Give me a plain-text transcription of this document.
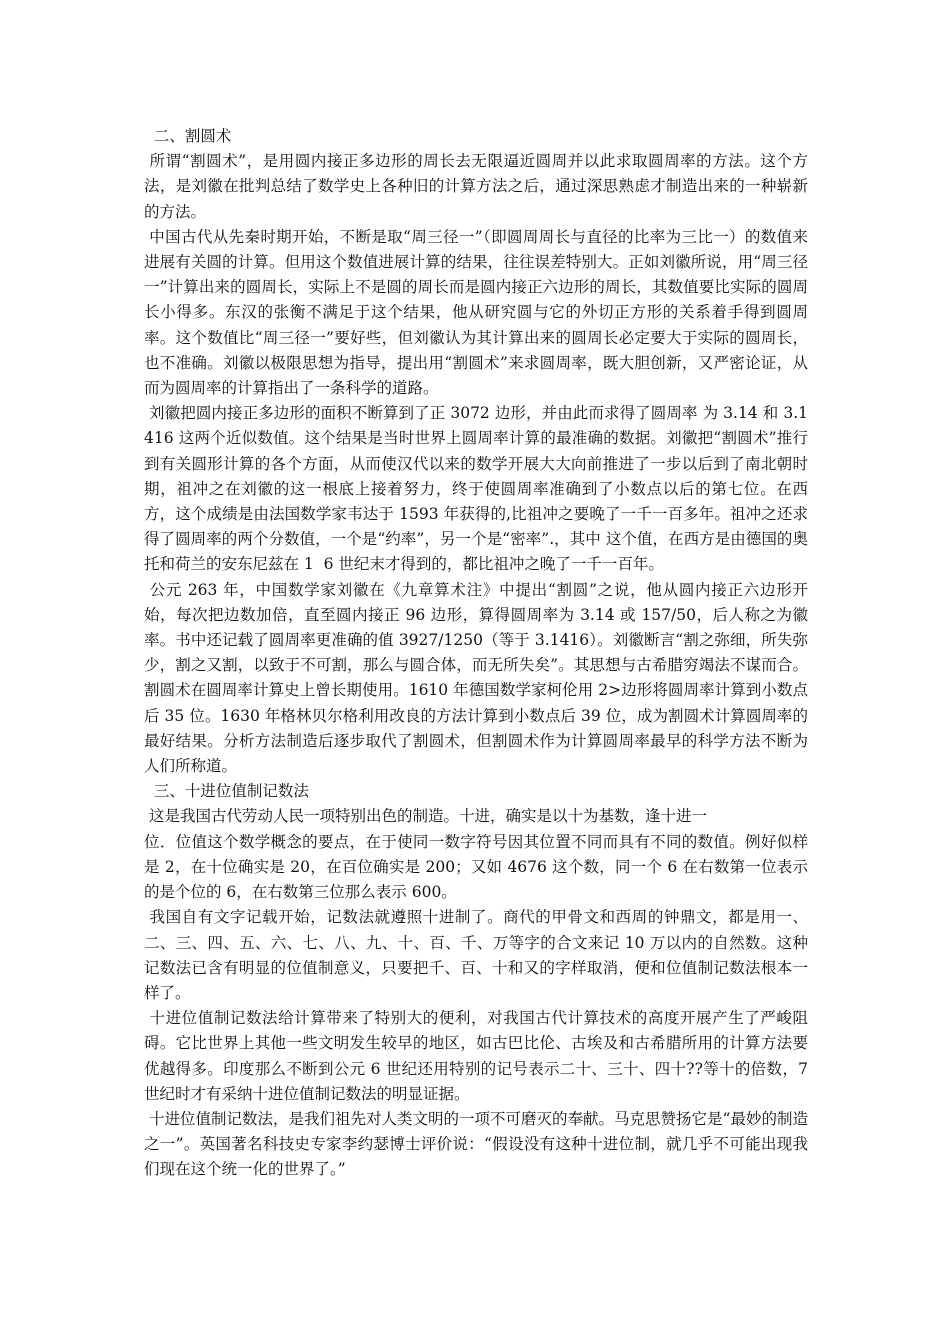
二、割圆术

所谓“割圆术”，是用圆内接正多边形的周长去无限逼近圆周并以此求取圆周率的方法。这个方法，是刘徽在批判总结了数学史上各种旧的计算方法之后，通过深思熟虑才制造出来的一种崭新的方法。

中国古代从先秦时期开始，不断是取“周三径一”（即圆周周长与直径的比率为三比一）的数值来进展有关圆的计算。但用这个数值进展计算的结果，往往误差特别大。正如刘徽所说，用“周三径一”计算出来的圆周长，实际上不是圆的周长而是圆内接正六边形的周长，其数值要比实际的圆周长小得多。东汉的张衡不满足于这个结果，他从研究圆与它的外切正方形的关系着手得到圆周率。这个数值比“周三径一”要好些，但刘徽认为其计算出来的圆周长必定要大于实际的圆周长，也不准确。刘徽以极限思想为指导，提出用“割圆术”来求圆周率，既大胆创新，又严密论证，从而为圆周率的计算指出了一条科学的道路。

刘徽把圆内接正多边形的面积不断算到了正 3072 边形，并由此而求得了圆周率 为 3.14 和 3.1416 这两个近似数值。这个结果是当时世界上圆周率计算的最准确的数据。刘徽把“割圆术”推行到有关圆形计算的各个方面，从而使汉代以来的数学开展大大向前推进了一步以后到了南北朝时期，祖冲之在刘徽的这一根底上接着努力，终于使圆周率准确到了小数点以后的第七位。在西方，这个成绩是由法国数学家韦达于 1593 年获得的,比祖冲之要晚了一千一百多年。祖冲之还求得了圆周率的两个分数值，一个是“约率”，另一个是“密率”.，其中 这个值，在西方是由德国的奥托和荷兰的安东尼兹在 1  6 世纪末才得到的，都比祖冲之晚了一千一百年。

公元 263 年，中国数学家刘徽在《九章算术注》中提出“割圆”之说，他从圆内接正六边形开始，每次把边数加倍，直至圆内接正 96 边形，算得圆周率为 3.14 或 157/50，后人称之为徽率。书中还记载了圆周率更准确的值 3927/1250（等于 3.1416）。刘徽断言“割之弥细，所失弥少，割之又割，以致于不可割，那么与圆合体，而无所失矣”。其思想与古希腊穷竭法不谋而合。割圆术在圆周率计算史上曾长期使用。1610 年德国数学家柯伦用 2>边形将圆周率计算到小数点后 35 位。1630 年格林贝尔格利用改良的方法计算到小数点后 39 位，成为割圆术计算圆周率的最好结果。分析方法制造后逐步取代了割圆术，但割圆术作为计算圆周率最早的科学方法不断为人们所称道。

三、十进位值制记数法

这是我国古代劳动人民一项特别出色的制造。十进，确实是以十为基数，逢十进一

位．位值这个数学概念的要点，在于使同一数字符号因其位置不同而具有不同的数值。例好似样是 2，在十位确实是 20，在百位确实是 200；又如 4676 这个数，同一个 6 在右数第一位表示的是个位的 6，在右数第三位那么表示 600。

我国自有文字记载开始，记数法就遵照十进制了。商代的甲骨文和西周的钟鼎文，都是用一、二、三、四、五、六、七、八、九、十、百、千、万等字的合文来记 10 万以内的自然数。这种记数法已含有明显的位值制意义，只要把千、百、十和又的字样取消，便和位值制记数法根本一样了。

十进位值制记数法给计算带来了特别大的便利，对我国古代计算技术的高度开展产生了严峻阻碍。它比世界上其他一些文明发生较早的地区，如古巴比伦、古埃及和古希腊所用的计算方法要优越得多。印度那么不断到公元 6 世纪还用特别的记号表示二十、三十、四十??等十的倍数，7 世纪时才有采纳十进位值制记数法的明显证据。

十进位值制记数法，是我们祖先对人类文明的一项不可磨灭的奉献。马克思赞扬它是“最妙的制造之一”。英国著名科技史专家李约瑟博士评价说：“假设没有这种十进位制，就几乎不可能出现我们现在这个统一化的世界了。”
